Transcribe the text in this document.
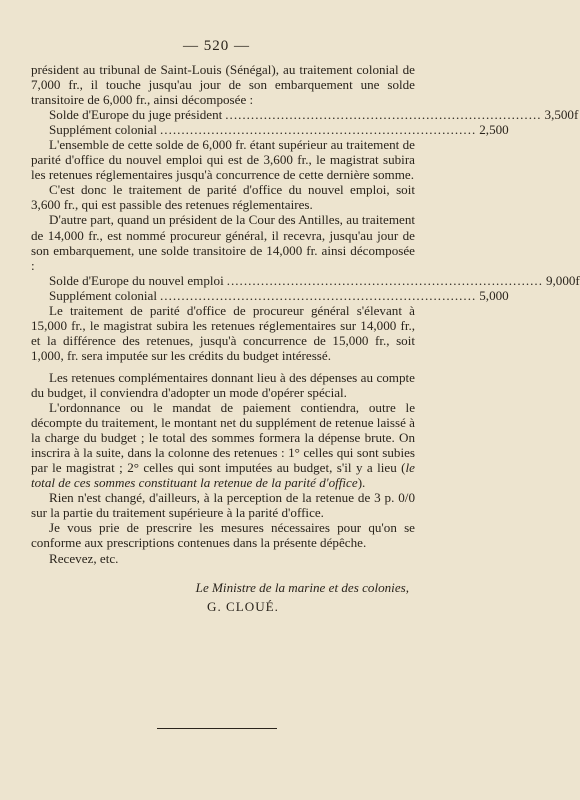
— 520 —

président au tribunal de Saint-Louis (Sénégal), au traitement colonial de 7,000 fr., il touche jusqu'au jour de son embarquement une solde transitoire de 6,000 fr., ainsi décomposée :

Solde d'Europe du juge président .......................................................................... 3,500f
Supplément colonial .......................................................................... 2,500

L'ensemble de cette solde de 6,000 fr. étant supérieur au traitement de parité d'office du nouvel emploi qui est de 3,600 fr., le magistrat subira les retenues réglementaires jusqu'à concurrence de cette dernière somme.

C'est donc le traitement de parité d'office du nouvel emploi, soit 3,600 fr., qui est passible des retenues réglementaires.

D'autre part, quand un président de la Cour des Antilles, au traitement de 14,000 fr., est nommé procureur général, il recevra, jusqu'au jour de son embarquement, une solde transitoire de 14,000 fr. ainsi décomposée :

Solde d'Europe du nouvel emploi .......................................................................... 9,000f
Supplément colonial .......................................................................... 5,000

Le traitement de parité d'office de procureur général s'élevant à 15,000 fr., le magistrat subira les retenues réglementaires sur 14,000 fr., et la différence des retenues, jusqu'à concurrence de 15,000 fr., soit 1,000, fr. sera imputée sur les crédits du budget intéressé.

Les retenues complémentaires donnant lieu à des dépenses au compte du budget, il conviendra d'adopter un mode d'opérer spécial.

L'ordonnance ou le mandat de paiement contiendra, outre le décompte du traitement, le montant net du supplément de retenue laissé à la charge du budget ; le total des sommes formera la dépense brute. On inscrira à la suite, dans la colonne des retenues : 1° celles qui sont subies par le magistrat ; 2° celles qui sont imputées au budget, s'il y a lieu (le total de ces sommes constituant la retenue de la parité d'office).

Rien n'est changé, d'ailleurs, à la perception de la retenue de 3 p. 0/0 sur la partie du traitement supérieure à la parité d'office.

Je vous prie de prescrire les mesures nécessaires pour qu'on se conforme aux prescriptions contenues dans la présente dépêche.

Recevez, etc.

Le Ministre de la marine et des colonies,
G. CLOUÉ.
